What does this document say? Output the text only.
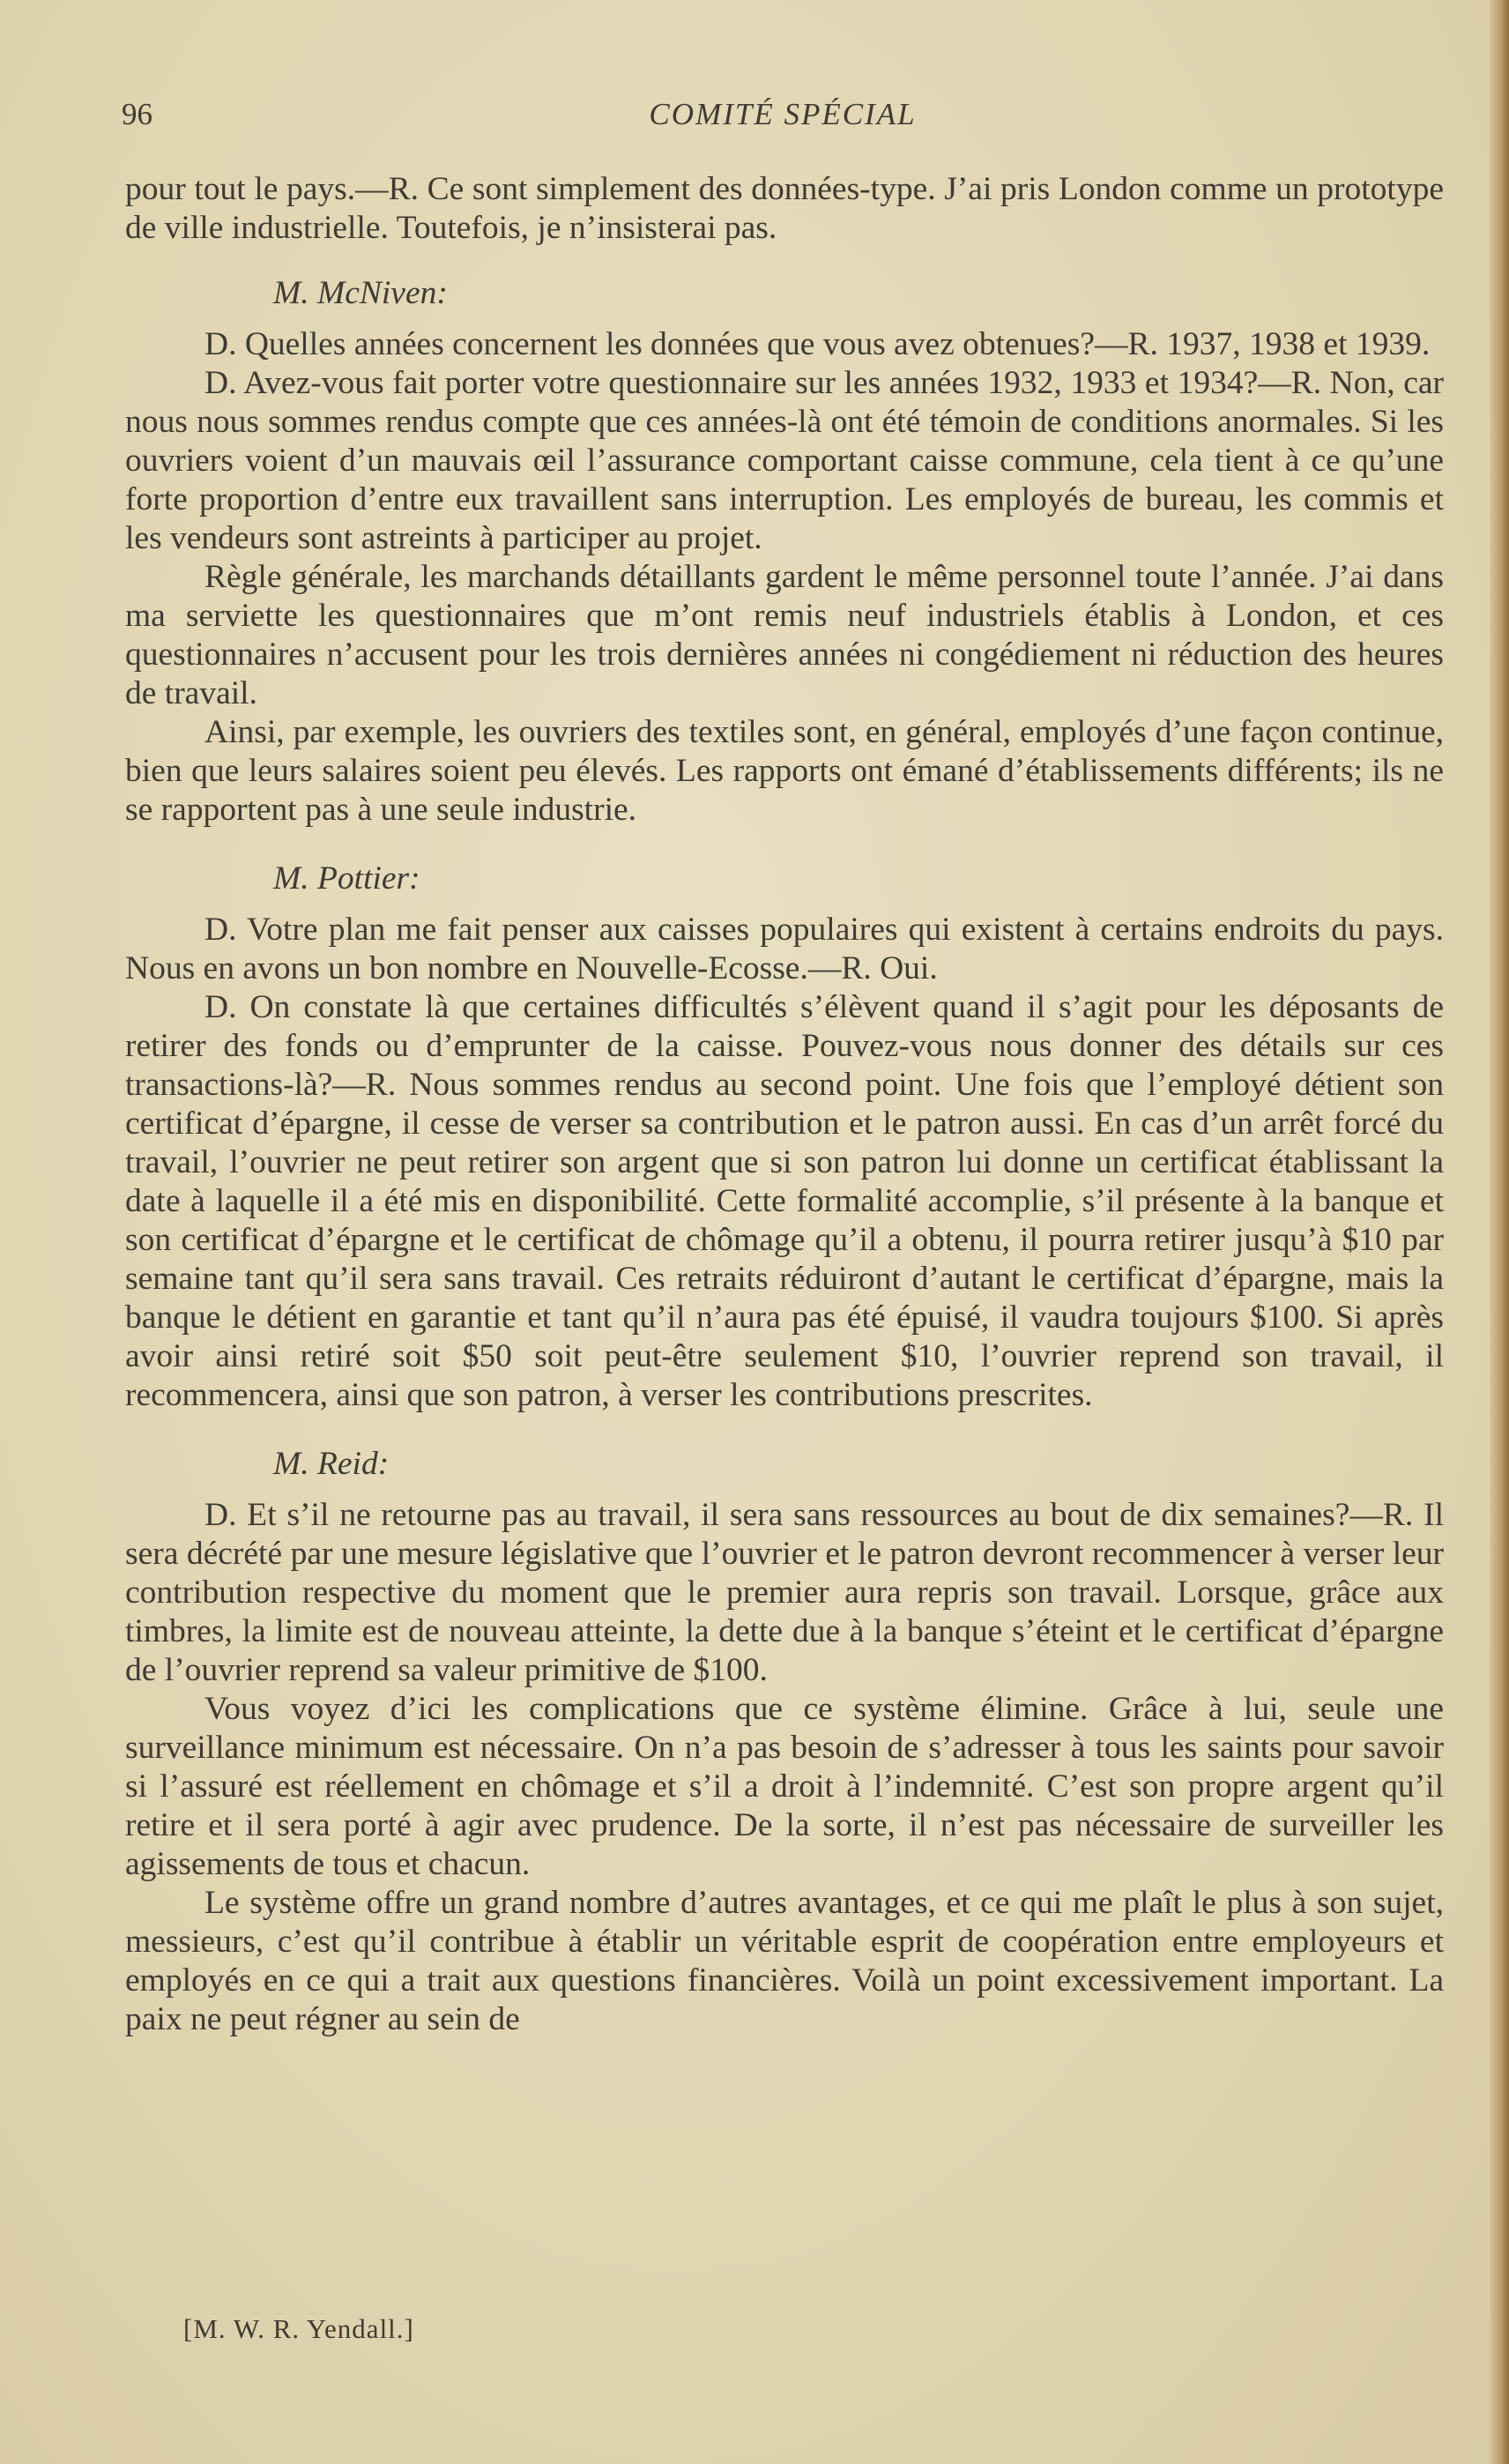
96	COMITÉ SPÉCIAL

pour tout le pays.—R. Ce sont simplement des données-type. J’ai pris London comme un prototype de ville industrielle. Toutefois, je n’insisterai pas.

M. McNiven:

D. Quelles années concernent les données que vous avez obtenues?—R. 1937, 1938 et 1939.

D. Avez-vous fait porter votre questionnaire sur les années 1932, 1933 et 1934?—R. Non, car nous nous sommes rendus compte que ces années-là ont été témoin de conditions anormales. Si les ouvriers voient d’un mauvais œil l’assurance comportant caisse commune, cela tient à ce qu’une forte proportion d’entre eux travaillent sans interruption. Les employés de bureau, les commis et les vendeurs sont astreints à participer au projet.

Règle générale, les marchands détaillants gardent le même personnel toute l’année. J’ai dans ma serviette les questionnaires que m’ont remis neuf industriels établis à London, et ces questionnaires n’accusent pour les trois dernières années ni congédiement ni réduction des heures de travail.

Ainsi, par exemple, les ouvriers des textiles sont, en général, employés d’une façon continue, bien que leurs salaires soient peu élevés. Les rapports ont émané d’établissements différents; ils ne se rapportent pas à une seule industrie.

M. Pottier:

D. Votre plan me fait penser aux caisses populaires qui existent à certains endroits du pays. Nous en avons un bon nombre en Nouvelle-Ecosse.—R. Oui.

D. On constate là que certaines difficultés s’élèvent quand il s’agit pour les déposants de retirer des fonds ou d’emprunter de la caisse. Pouvez-vous nous donner des détails sur ces transactions-là?—R. Nous sommes rendus au second point. Une fois que l’employé détient son certificat d’épargne, il cesse de verser sa contribution et le patron aussi. En cas d’un arrêt forcé du travail, l’ouvrier ne peut retirer son argent que si son patron lui donne un certificat établissant la date à laquelle il a été mis en disponibilité. Cette formalité accomplie, s’il présente à la banque et son certificat d’épargne et le certificat de chômage qu’il a obtenu, il pourra retirer jusqu’à $10 par semaine tant qu’il sera sans travail. Ces retraits réduiront d’autant le certificat d’épargne, mais la banque le détient en garantie et tant qu’il n’aura pas été épuisé, il vaudra toujours $100. Si après avoir ainsi retiré soit $50 soit peut-être seulement $10, l’ouvrier reprend son travail, il recommencera, ainsi que son patron, à verser les contributions prescrites.

M. Reid:

D. Et s’il ne retourne pas au travail, il sera sans ressources au bout de dix semaines?—R. Il sera décrété par une mesure législative que l’ouvrier et le patron devront recommencer à verser leur contribution respective du moment que le premier aura repris son travail. Lorsque, grâce aux timbres, la limite est de nouveau atteinte, la dette due à la banque s’éteint et le certificat d’épargne de l’ouvrier reprend sa valeur primitive de $100.

Vous voyez d’ici les complications que ce système élimine. Grâce à lui, seule une surveillance minimum est nécessaire. On n’a pas besoin de s’adresser à tous les saints pour savoir si l’assuré est réellement en chômage et s’il a droit à l’indemnité. C’est son propre argent qu’il retire et il sera porté à agir avec prudence. De la sorte, il n’est pas nécessaire de surveiller les agissements de tous et chacun.

Le système offre un grand nombre d’autres avantages, et ce qui me plaît le plus à son sujet, messieurs, c’est qu’il contribue à établir un véritable esprit de coopération entre employeurs et employés en ce qui a trait aux questions financières. Voilà un point excessivement important. La paix ne peut régner au sein de

[M. W. R. Yendall.]
